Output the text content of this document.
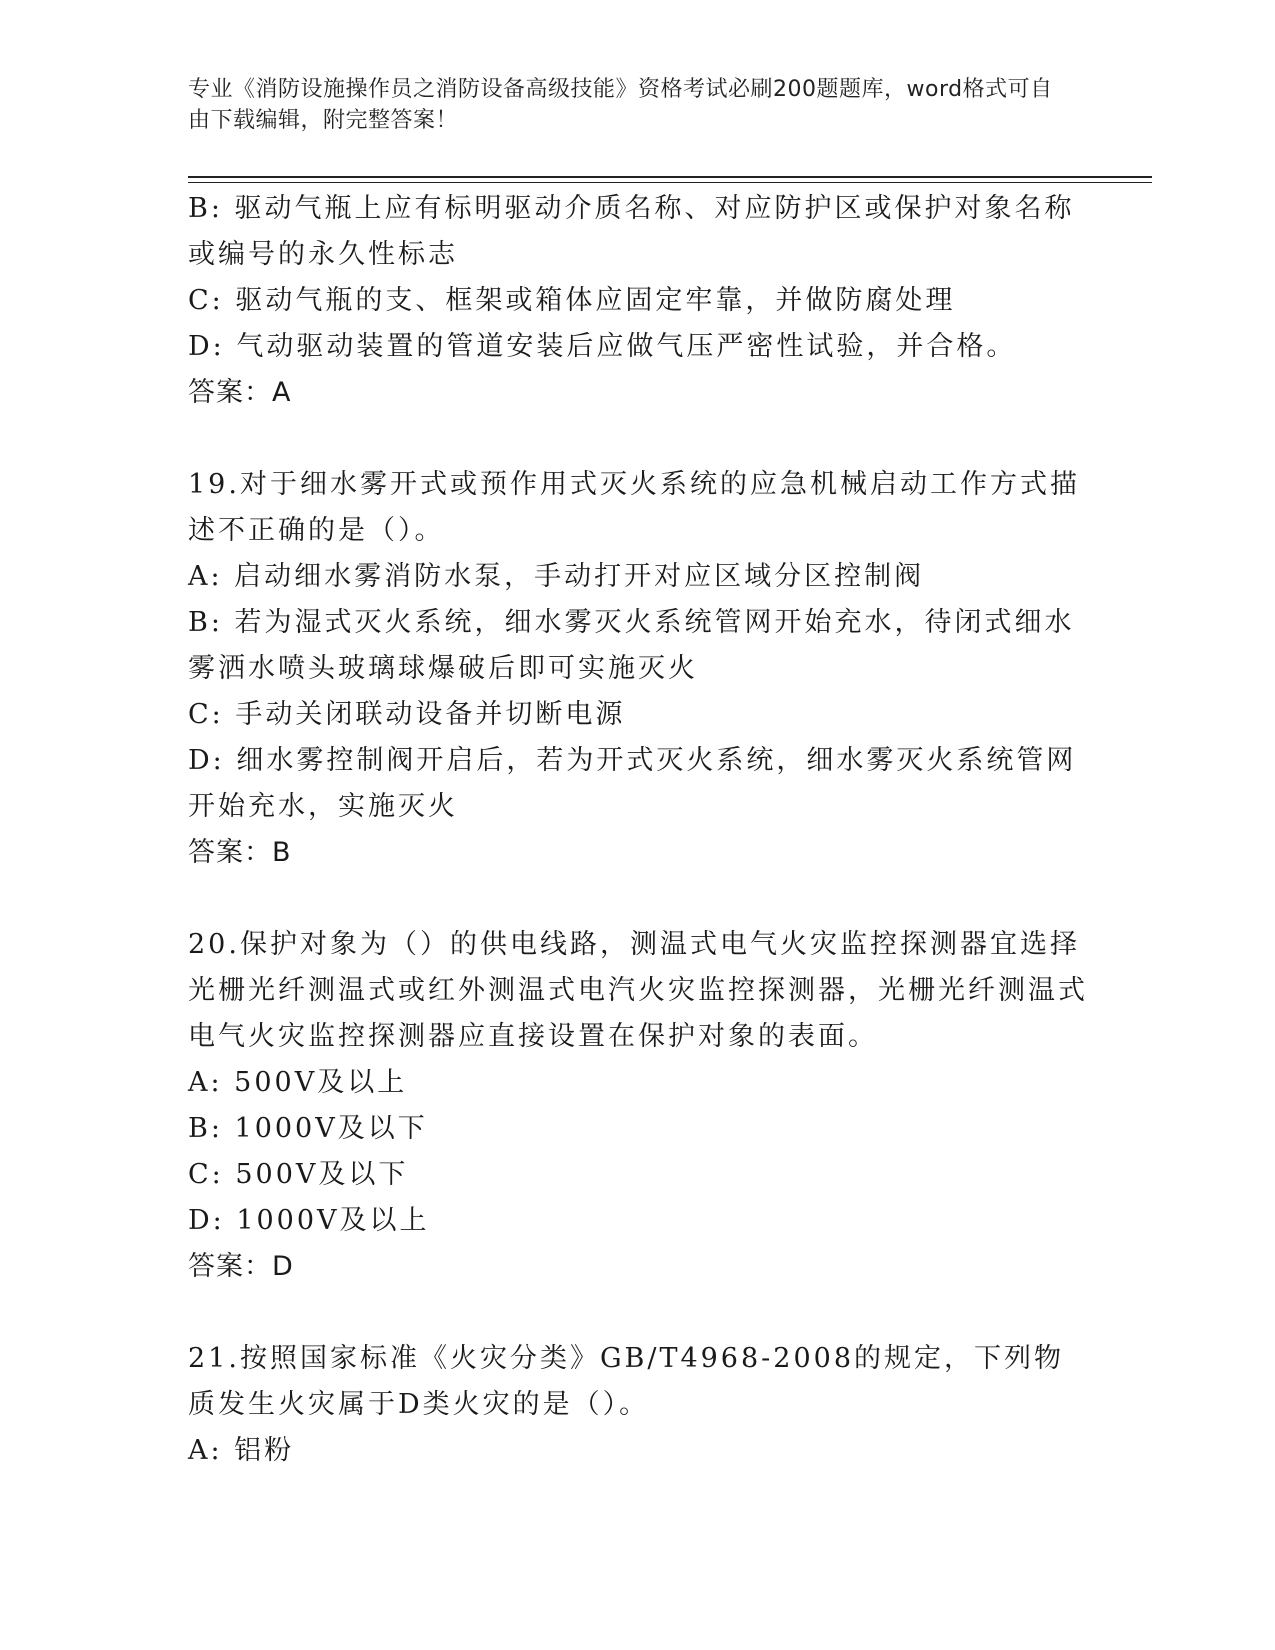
专业《消防设施操作员之消防设备高级技能》资格考试必刷200题题库，word格式可自由下载编辑，附完整答案！

B: 驱动气瓶上应有标明驱动介质名称、对应防护区或保护对象名称或编号的永久性标志

C: 驱动气瓶的支、框架或箱体应固定牢靠，并做防腐处理

D: 气动驱动装置的管道安装后应做气压严密性试验，并合格。

答案：A

19.对于细水雾开式或预作用式灭火系统的应急机械启动工作方式描述不正确的是（）。

A: 启动细水雾消防水泵，手动打开对应区域分区控制阀

B: 若为湿式灭火系统，细水雾灭火系统管网开始充水，待闭式细水雾洒水喷头玻璃球爆破后即可实施灭火

C: 手动关闭联动设备并切断电源

D: 细水雾控制阀开启后，若为开式灭火系统，细水雾灭火系统管网开始充水，实施灭火

答案：B

20.保护对象为（）的供电线路，测温式电气火灾监控探测器宜选择光栅光纤测温式或红外测温式电汽火灾监控探测器，光栅光纤测温式电气火灾监控探测器应直接设置在保护对象的表面。

A: 500V及以上

B: 1000V及以下

C: 500V及以下

D: 1000V及以上

答案：D

21.按照国家标准《火灾分类》GB/T4968-2008的规定，下列物质发生火灾属于D类火灾的是（）。

A: 铝粉
